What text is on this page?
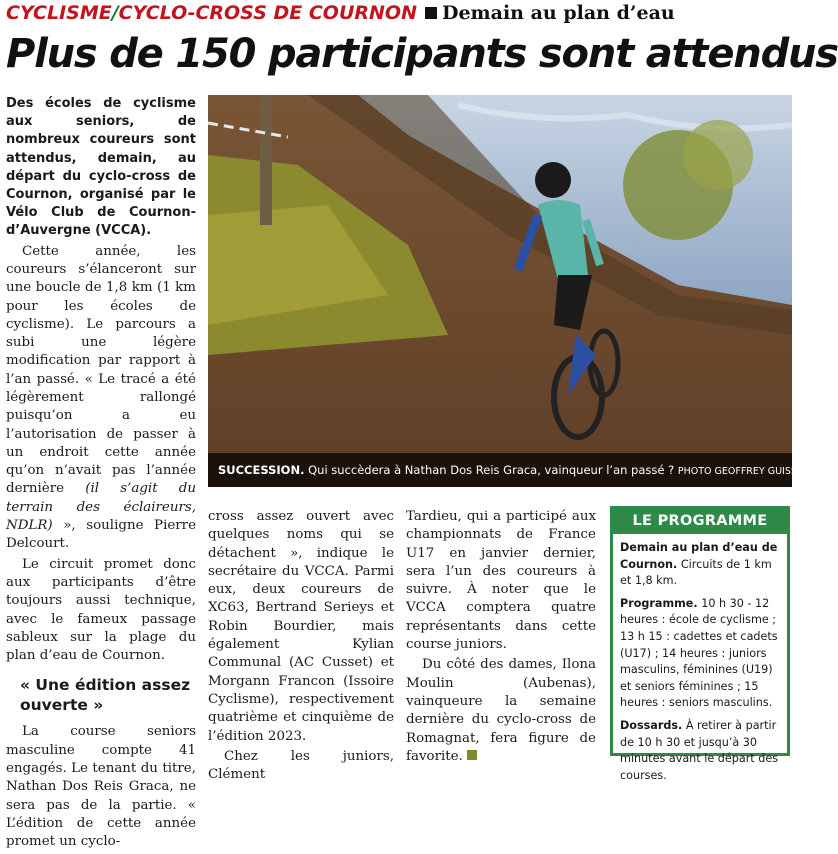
CYCLISME/CYCLO-CROSS DE COURNON Demain au plan d’eau
Plus de 150 participants sont attendus

Des écoles de cyclisme aux seniors, de nombreux coureurs sont attendus, demain, au départ du cyclo-cross de Cournon, organisé par le Vélo Club de Cournon-d’Auvergne (VCCA).

Cette année, les coureurs s’élanceront sur une boucle de 1,8 km (1 km pour les écoles de cyclisme). Le parcours a subi une légère modification par rapport à l’an passé. « Le tracé a été légèrement rallongé puisqu’on a eu l’autorisation de passer à un endroit cette année qu’on n’avait pas l’année dernière (il s’agit du terrain des éclaireurs, NDLR) », souligne Pierre Delcourt.

Le circuit promet donc aux participants d’être toujours aussi technique, avec le fameux passage sableux sur la plage du plan d’eau de Cournon.

« Une édition assez ouverte »

La course seniors masculine compte 41 engagés. Le tenant du titre, Nathan Dos Reis Graca, ne sera pas de la partie. « L’édition de cette année promet un cyclo-

SUCCESSION. Qui succèdera à Nathan Dos Reis Graca, vainqueur l’an passé ? PHOTO GEOFFREY GUISSEZ

cross assez ouvert avec quelques noms qui se détachent », indique le secrétaire du VCCA. Parmi eux, deux coureurs de XC63, Bertrand Serieys et Robin Bourdier, mais également Kylian Communal (AC Cusset) et Morgann Francon (Issoire Cyclisme), respectivement quatrième et cinquième de l’édition 2023.

Chez les juniors, Clément

Tardieu, qui a participé aux championnats de France U17 en janvier dernier, sera l’un des coureurs à suivre. À noter que le VCCA comptera quatre représentants dans cette course juniors.

Du côté des dames, Ilona Moulin (Aubenas), vainqueure la semaine dernière du cyclo-cross de Romagnat, fera figure de favorite.

LE PROGRAMME

Demain au plan d’eau de Cournon. Circuits de 1 km et 1,8 km.

Programme. 10 h 30 - 12 heures : école de cyclisme ; 13 h 15 : cadettes et cadets (U17) ; 14 heures : juniors masculins, féminines (U19) et seniors féminines ; 15 heures : seniors masculins.

Dossards. À retirer à partir de 10 h 30 et jusqu’à 30 minutes avant le départ des courses.
